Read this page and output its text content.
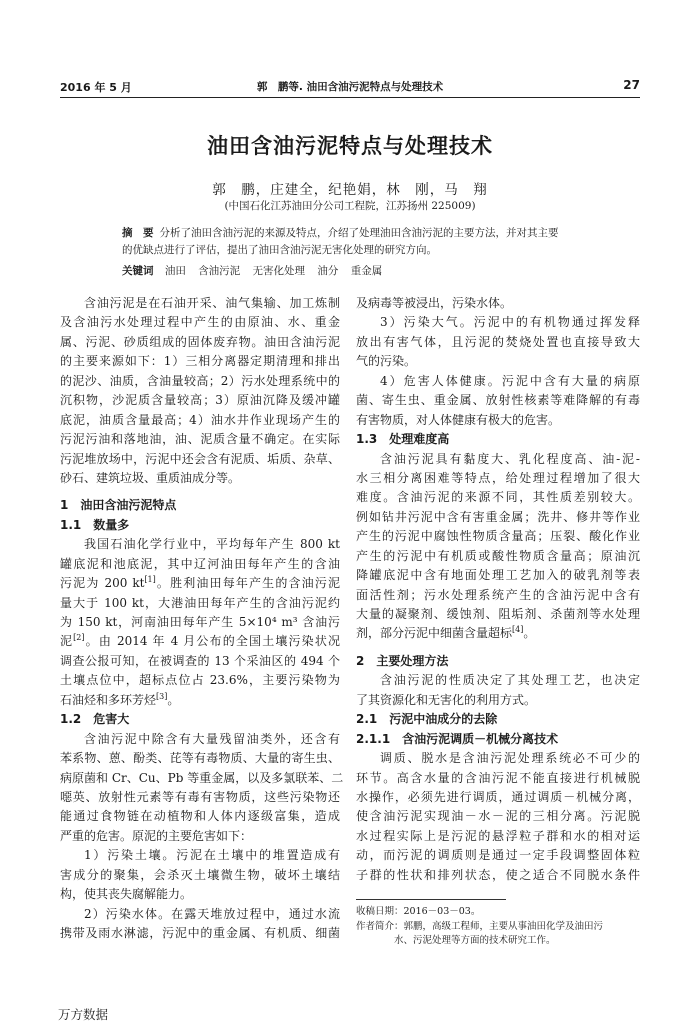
2016 年 5 月	郭　鹏等. 油田含油污泥特点与处理技术	27
油田含油污泥特点与处理技术
郭　鹏，庄建全，纪艳娟，林　刚，马　翔
(中国石化江苏油田分公司工程院，江苏扬州 225009)
摘　要 分析了油田含油污泥的来源及特点，介绍了处理油田含油污泥的主要方法，并对其主要
的优缺点进行了评估，提出了油田含油污泥无害化处理的研究方向。
关键词 油田 含油污泥 无害化处理 油分 重金属
含油污泥是在石油开采、油气集输、加工炼制
及含油污水处理过程中产生的由原油、水、重金
属、污泥、砂质组成的固体废弃物。油田含油污泥
的主要来源如下：1）三相分离器定期清理和排出
的泥沙、油质，含油量较高；2）污水处理系统中的
沉积物，沙泥质含量较高；3）原油沉降及缓冲罐
底泥，油质含量最高；4）油水井作业现场产生的
污泥污油和落地油，油、泥质含量不确定。在实际
污泥堆放场中，污泥中还会含有泥质、垢质、杂草、
砂石、建筑垃圾、重质油成分等。
1　油田含油污泥特点
1.1　数量多
我国石油化学行业中，平均每年产生 800 kt
罐底泥和池底泥，其中辽河油田每年产生的含油
污泥为 200 kt[1]。胜利油田每年产生的含油污泥
量大于 100 kt，大港油田每年产生的含油污泥约
为 150 kt，河南油田每年产生 5×10⁴ m³ 含油污
泥[2]。由 2014 年 4 月公布的全国土壤污染状况
调查公报可知，在被调查的 13 个采油区的 494 个
土壤点位中，超标点位占 23.6%，主要污染物为
石油烃和多环芳烃[3]。
1.2　危害大
含油污泥中除含有大量残留油类外，还含有
苯系物、蒽、酚类、芘等有毒物质、大量的寄生虫、
病原菌和 Cr、Cu、Pb 等重金属，以及多氯联苯、二
噁英、放射性元素等有毒有害物质，这些污染物还
能通过食物链在动植物和人体内逐级富集，造成
严重的危害。原泥的主要危害如下：
1）污染土壤。污泥在土壤中的堆置造成有
害成分的聚集，会杀灭土壤微生物，破坏土壤结
构，使其丧失腐解能力。
2）污染水体。在露天堆放过程中，通过水流
携带及雨水淋滤，污泥中的重金属、有机质、细菌
及病毒等被浸出，污染水体。
3）污染大气。污泥中的有机物通过挥发释
放出有害气体，且污泥的焚烧处置也直接导致大
气的污染。
4）危害人体健康。污泥中含有大量的病原
菌、寄生虫、重金属、放射性核素等难降解的有毒
有害物质，对人体健康有极大的危害。
1.3　处理难度高
含油污泥具有黏度大、乳化程度高、油-泥-
水三相分离困难等特点，给处理过程增加了很大
难度。含油污泥的来源不同，其性质差别较大。
例如钻井污泥中含有害重金属；洗井、修井等作业
产生的污泥中腐蚀性物质含量高；压裂、酸化作业
产生的污泥中有机质或酸性物质含量高；原油沉
降罐底泥中含有地面处理工艺加入的破乳剂等表
面活性剂；污水处理系统产生的含油污泥中含有
大量的凝聚剂、缓蚀剂、阻垢剂、杀菌剂等水处理
剂，部分污泥中细菌含量超标[4]。
2　主要处理方法
含油污泥的性质决定了其处理工艺，也决定
了其资源化和无害化的利用方式。
2.1　污泥中油成分的去除
2.1.1　含油污泥调质－机械分离技术
调质、脱水是含油污泥处理系统必不可少的
环节。高含水量的含油污泥不能直接进行机械脱
水操作，必须先进行调质，通过调质－机械分离，
使含油污泥实现油－水－泥的三相分离。污泥脱
水过程实际上是污泥的悬浮粒子群和水的相对运
动，而污泥的调质则是通过一定手段调整固体粒
子群的性状和排列状态，使之适合不同脱水条件
收稿日期：2016－03－03。
作者简介：郭鹏，高级工程师，主要从事油田化学及油田污
水、污泥处理等方面的技术研究工作。
万方数据
